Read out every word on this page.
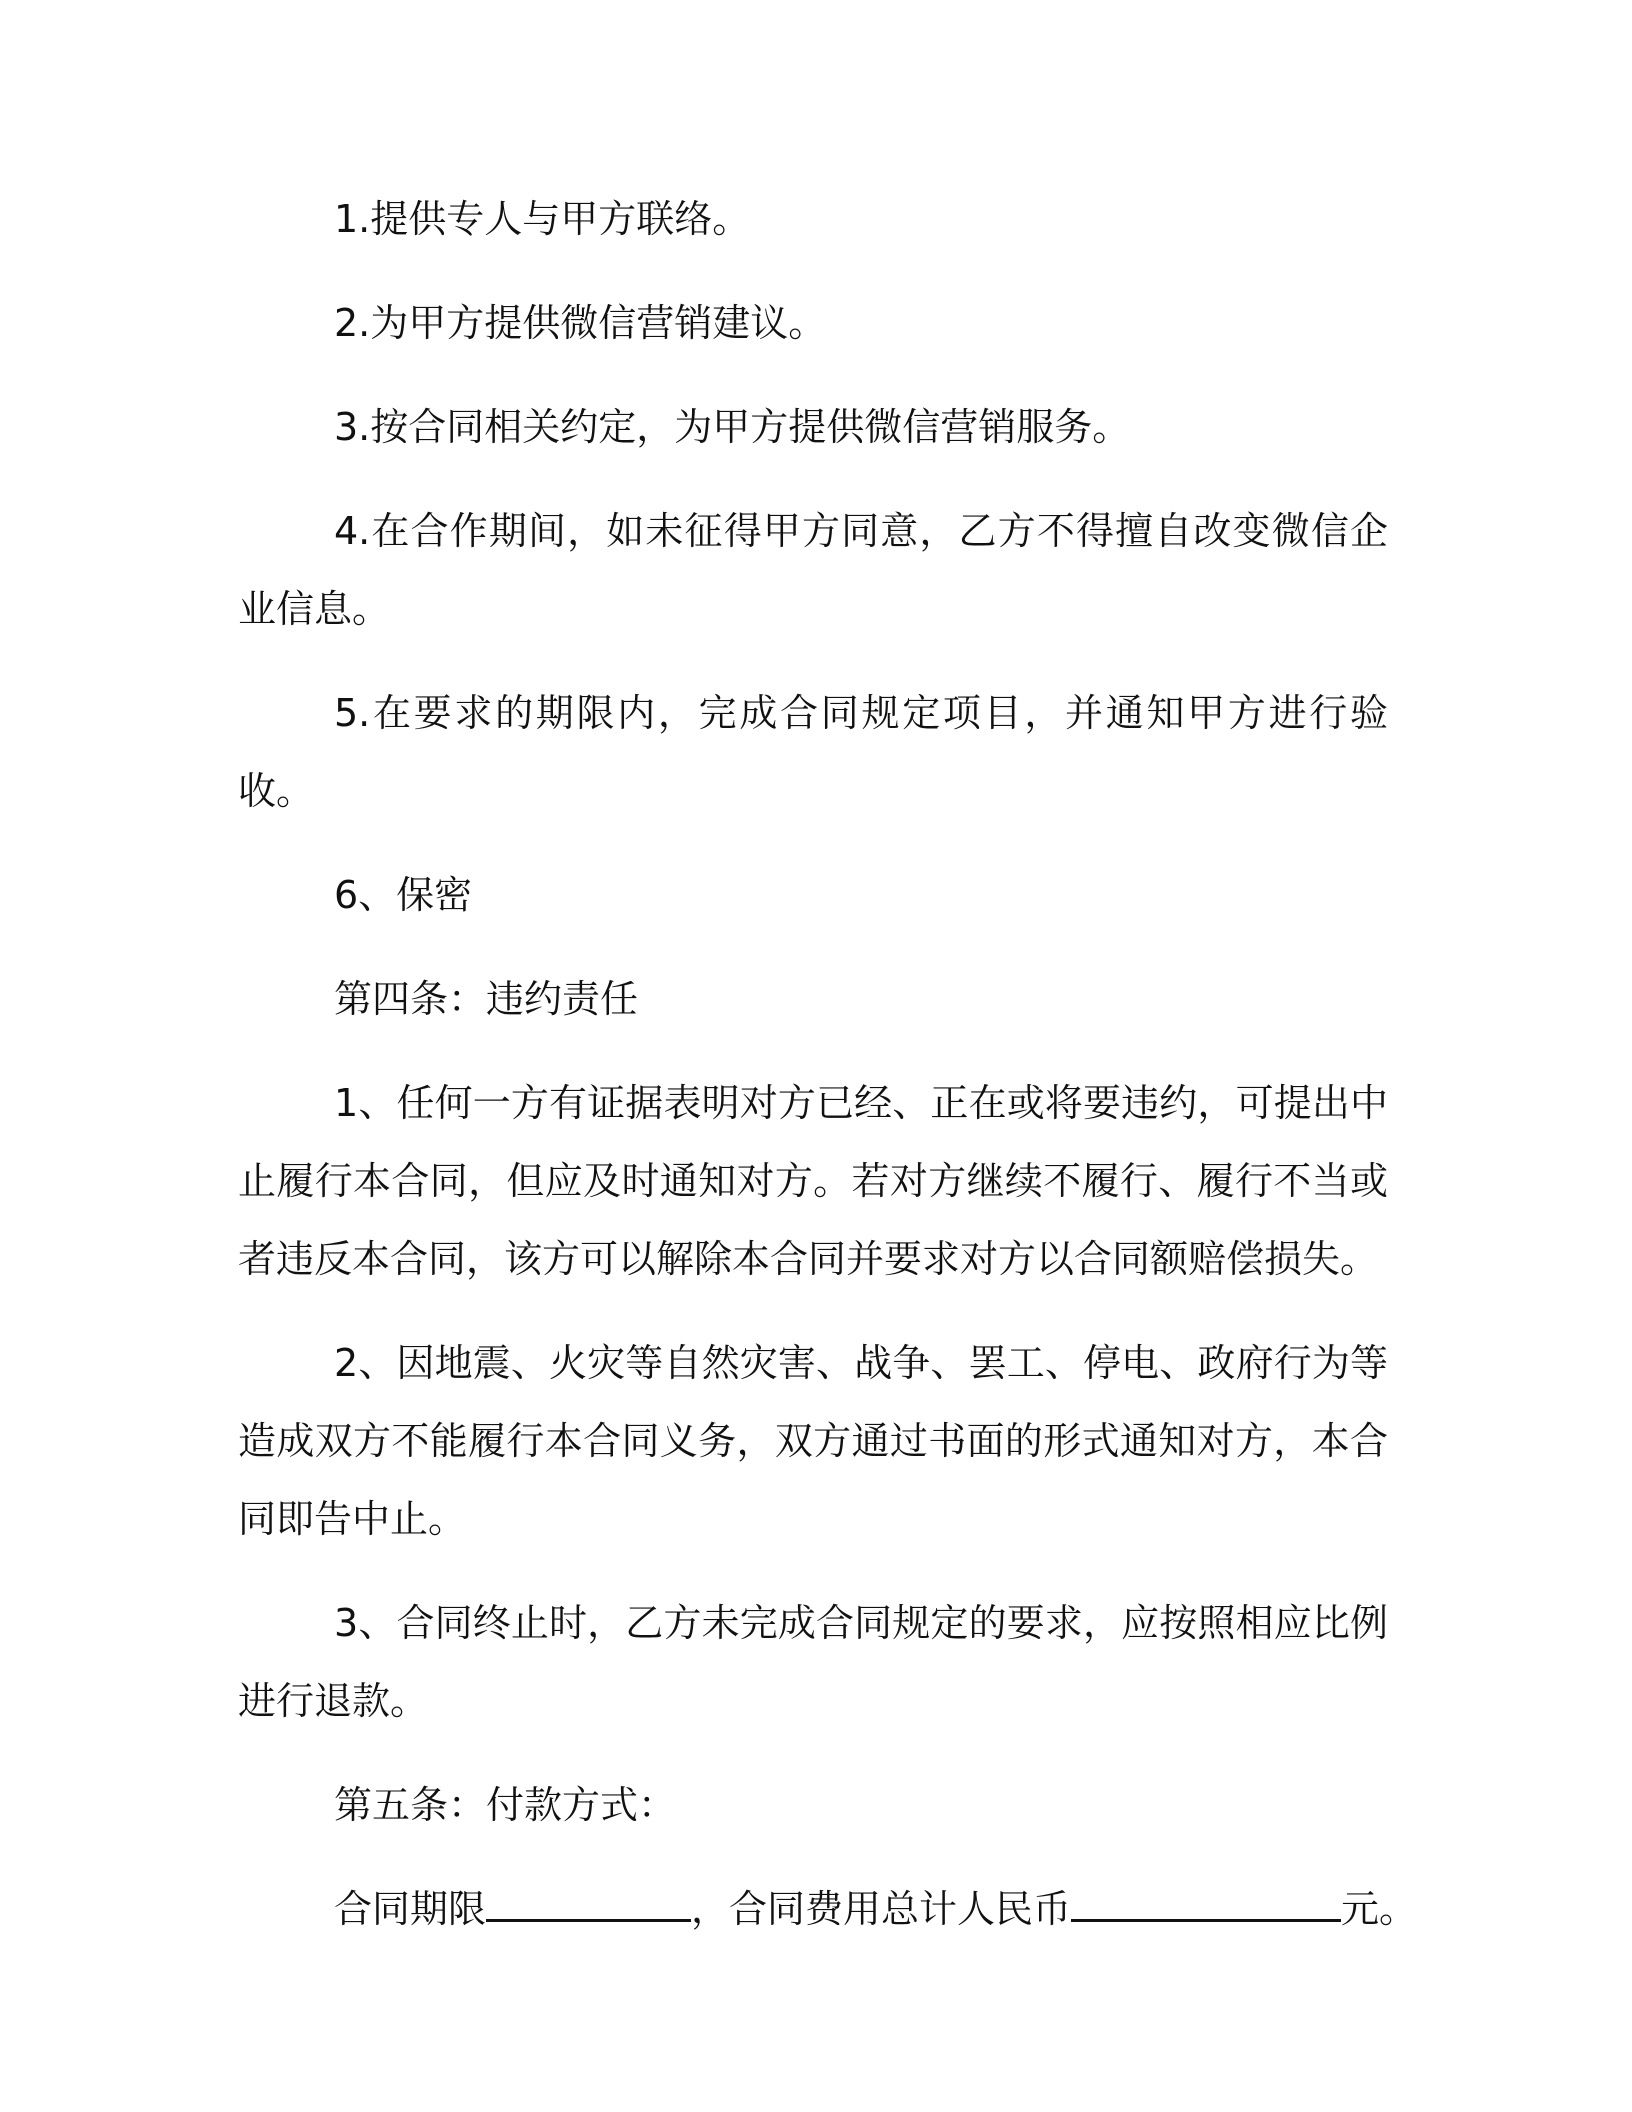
1.提供专人与甲方联络。

2.为甲方提供微信营销建议。

3.按合同相关约定，为甲方提供微信营销服务。

4.在合作期间，如未征得甲方同意，乙方不得擅自改变微信企业信息。

5.在要求的期限内，完成合同规定项目，并通知甲方进行验收。

6、保密

第四条：违约责任

1、任何一方有证据表明对方已经、正在或将要违约，可提出中止履行本合同，但应及时通知对方。若对方继续不履行、履行不当或者违反本合同，该方可以解除本合同并要求对方以合同额赔偿损失。

2、因地震、火灾等自然灾害、战争、罢工、停电、政府行为等造成双方不能履行本合同义务，双方通过书面的形式通知对方，本合同即告中止。

3、合同终止时，乙方未完成合同规定的要求，应按照相应比例进行退款。

第五条：付款方式：

合同期限	，合同费用总计人民币	元。
